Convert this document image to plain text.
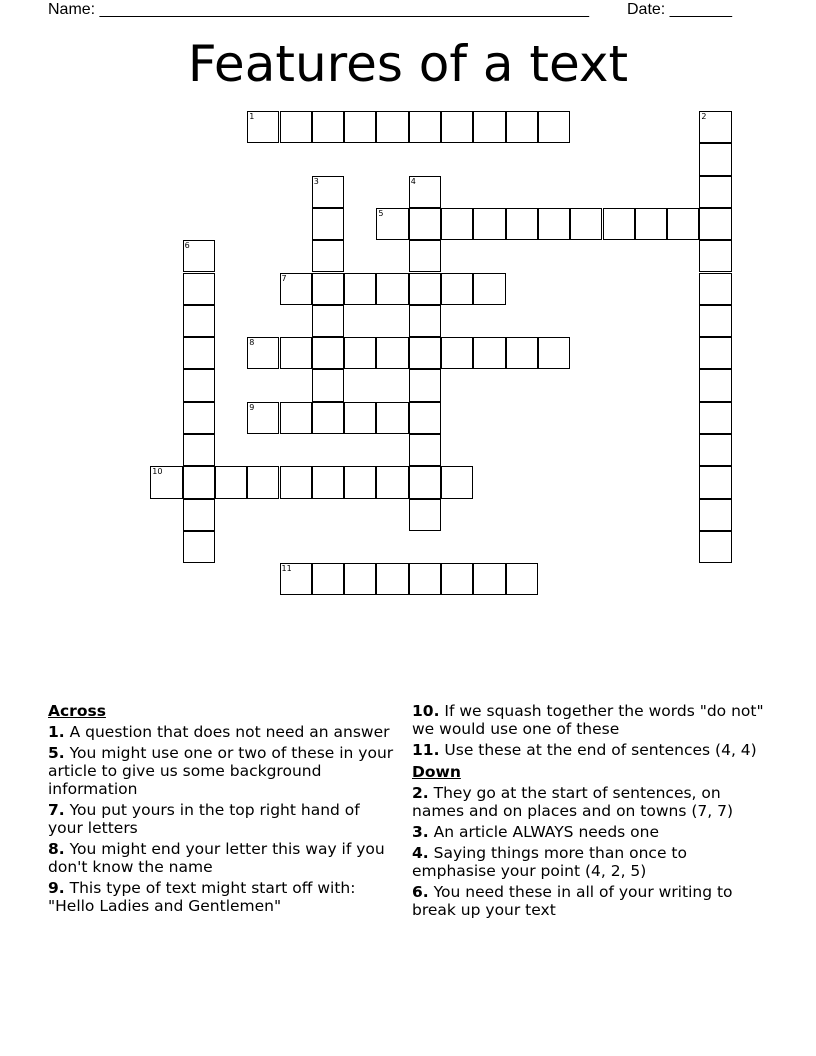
Name: _______________________________________________________ Date: _______
Features of a text
1	2
3	4
5
6
7
8
9
10
11
Across
1. A question that does not need an answer
5. You might use one or two of these in your article to give us some background information
7. You put yours in the top right hand of your letters
8. You might end your letter this way if you don't know the name
9. This type of text might start off with: "Hello Ladies and Gentlemen"
10. If we squash together the words "do not" we would use one of these
11. Use these at the end of sentences (4, 4)
Down
2. They go at the start of sentences, on names and on places and on towns (7, 7)
3. An article ALWAYS needs one
4. Saying things more than once to emphasise your point (4, 2, 5)
6. You need these in all of your writing to break up your text
